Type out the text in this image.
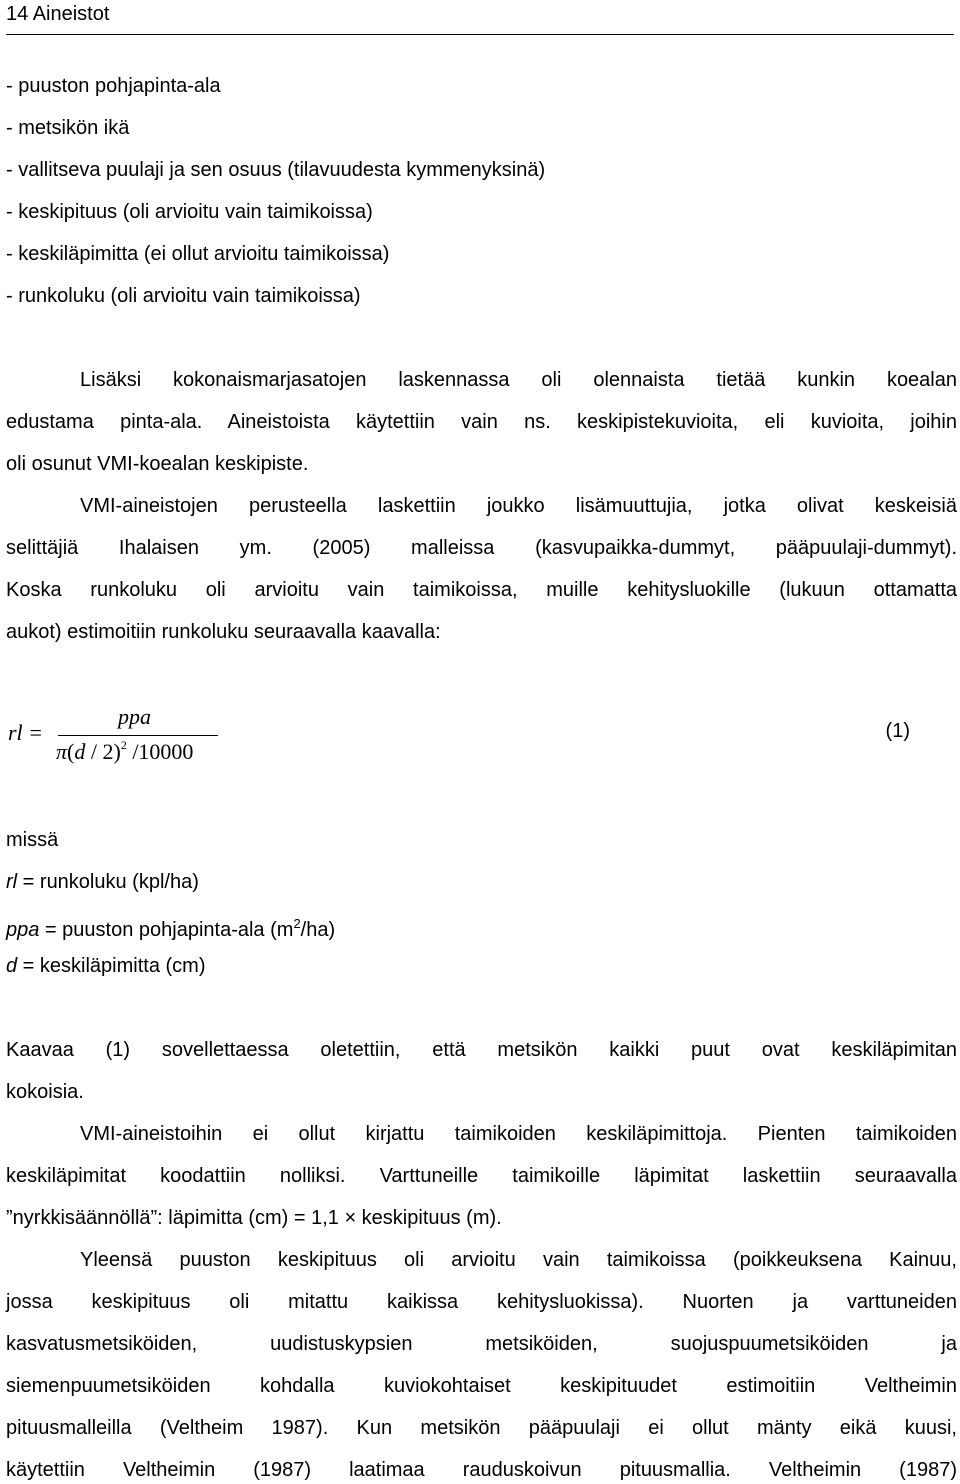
14 Aineistot
- puuston pohjapinta-ala
- metsikön ikä
- vallitseva puulaji ja sen osuus (tilavuudesta kymmenyksinä)
- keskipituus (oli arvioitu vain taimikoissa)
- keskiläpimitta (ei ollut arvioitu taimikoissa)
- runkoluku (oli arvioitu vain taimikoissa)
Lisäksi kokonaismarjasatojen laskennassa oli olennaista tietää kunkin koealan
edustama pinta-ala. Aineistoista käytettiin vain ns. keskipistekuvioita, eli kuvioita, joihin
oli osunut VMI-koealan keskipiste.
VMI-aineistojen perusteella laskettiin joukko lisämuuttujia, jotka olivat keskeisiä
selittäjiä Ihalaisen ym. (2005) malleissa (kasvupaikka-dummyt, pääpuulaji-dummyt).
Koska runkoluku oli arvioitu vain taimikoissa, muille kehitysluokille (lukuun ottamatta
aukot) estimoitiin runkoluku seuraavalla kaavalla:
rl =
ppa
π(d / 2)$^2$ /10000
(1)
missä
rl = runkoluku (kpl/ha)
ppa = puuston pohjapinta-ala $(m^2/ha)$
d = keskiläpimitta (cm)
Kaavaa (1) sovellettaessa oletettiin, että metsikön kaikki puut ovat keskiläpimitan
kokoisia.
VMI-aineistoihin ei ollut kirjattu taimikoiden keskiläpimittoja. Pienten taimikoiden
keskiläpimitat koodattiin nolliksi. Varttuneille taimikoille läpimitat laskettiin seuraavalla
”nyrkkisäännöllä”: läpimitta (cm) = 1,1 × keskipituus (m).
Yleensä puuston keskipituus oli arvioitu vain taimikoissa (poikkeuksena Kainuu,
jossa keskipituus oli mitattu kaikissa kehitysluokissa). Nuorten ja varttuneiden
kasvatusmetsiköiden, uudistuskypsien metsiköiden, suojuspuumetsiköiden ja
siemenpuumetsiköiden kohdalla kuviokohtaiset keskipituudet estimoitiin Veltheimin
pituusmalleilla (Veltheim 1987). Kun metsikön pääpuulaji ei ollut mänty eikä kuusi,
käytettiin Veltheimin (1987) laatimaa rauduskoivun pituusmallia. Veltheimin (1987)
